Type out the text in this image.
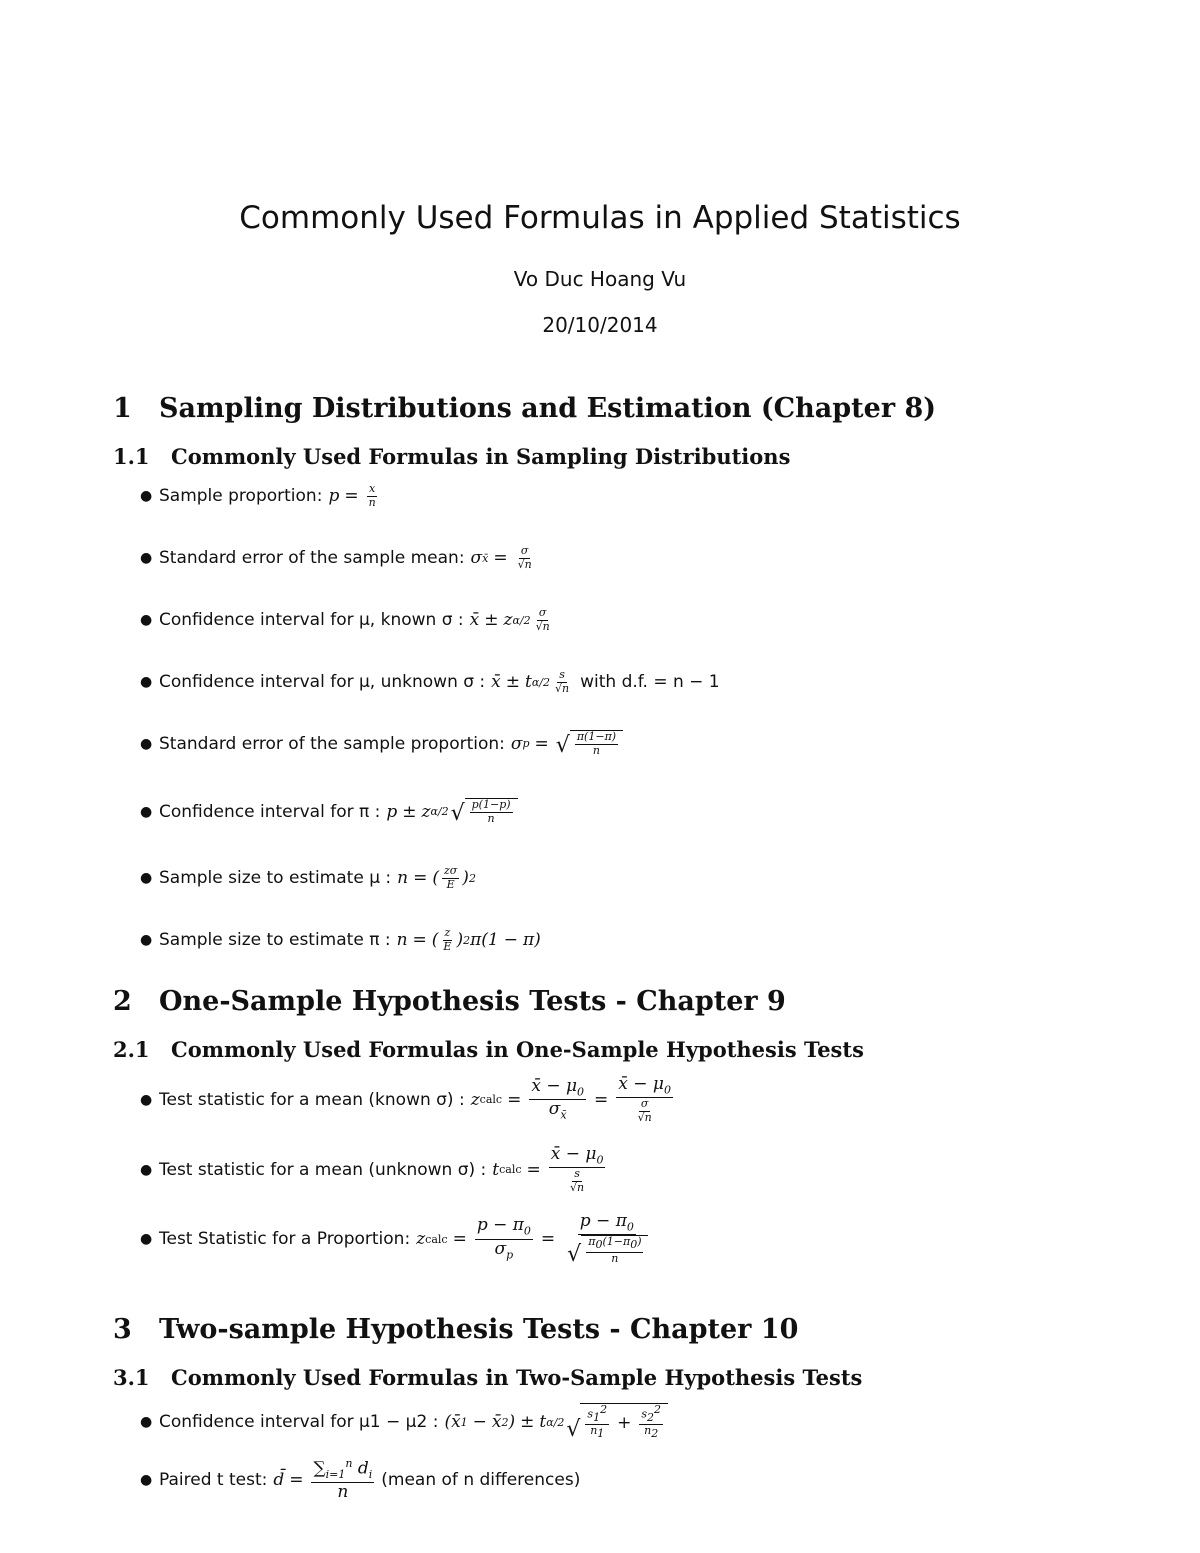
Commonly Used Formulas in Applied Statistics
Vo Duc Hoang Vu
20/10/2014
1 Sampling Distributions and Estimation (Chapter 8)
1.1 Commonly Used Formulas in Sampling Distributions
● Sample proportion: $p = \frac{x}{n}$
● Standard error of the sample mean: σ x̄ = $\frac{\sigma}{√n}$
● Confidence interval for μ, known σ : x̄ ± z $\alpha/2 \frac{\sigma}{√n}$
● Confidence interval for μ, unknown σ : x̄ ± t $\alpha/2 \frac{s}{√n}$ with d.f. = n − 1
● Standard error of the sample proportion: σ p = √ $\frac{\pi(1-\pi)}{n}$
● Confidence interval for π : p ± z α/2 √ $\frac{p(1-p)}{n}$
● Sample size to estimate μ : n = ( $\frac{z\sigma}{E}$ ) 2
● Sample size to estimate π : n = ( $\frac{z}{E}$ ) 2 π(1 − π)
2 One-Sample Hypothesis Tests - Chapter 9
2.1 Commonly Used Formulas in One-Sample Hypothesis Tests
● Test statistic for a mean (known σ) : z calc = $\frac{x̄ - \mu_0}{\sigma_{x̄}} = \frac{x̄ - \mu_0}{\frac{\sigma}{√n}}$
● Test statistic for a mean (unknown σ) : t calc = $\frac{x̄ - \mu_0}{\frac{s}{√n}}$
● Test Statistic for a Proportion: z calc = $\frac{p - \pi_0}{\sigma_p} = \frac{p - \pi_0}{√ \frac{\pi_0(1-\pi_0)}{n}}$
3 Two-sample Hypothesis Tests - Chapter 10
3.1 Commonly Used Formulas in Two-Sample Hypothesis Tests
● Confidence interval for μ1 − μ2 : (x̄ 1 − x̄ 2 ) ± t α/2 √ $\frac{s_1^2}{n_1} + \frac{s_2^2}{n_2}$
● Paired t test: d̄ = $\frac{\sum_{i=1}^n d_i}{n}$ (mean of n differences)
